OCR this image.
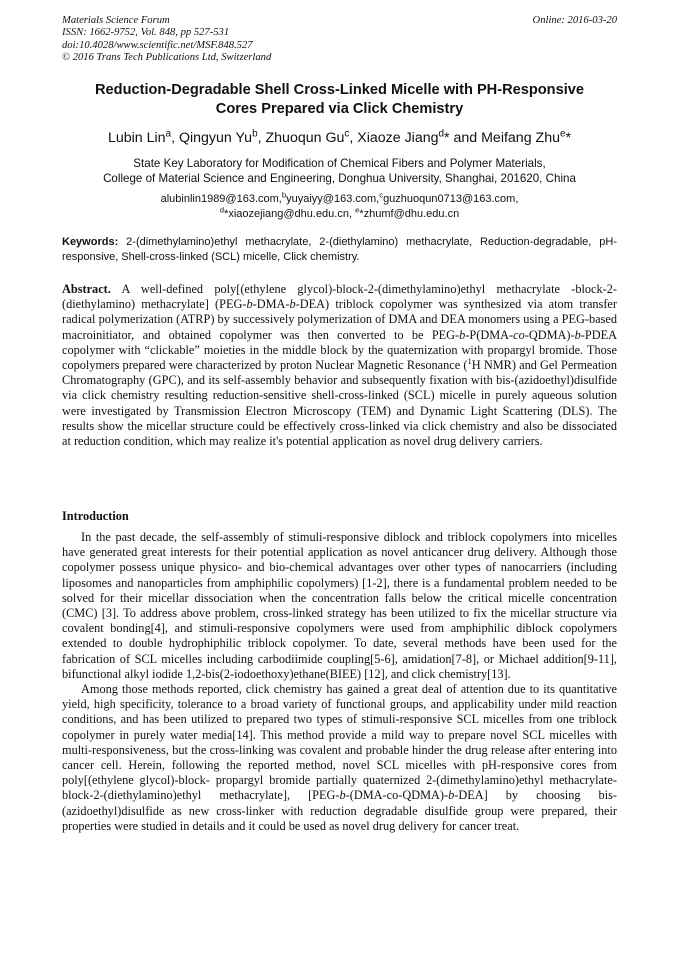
Materials Science Forum
ISSN: 1662-9752, Vol. 848, pp 527-531
doi:10.4028/www.scientific.net/MSF.848.527
© 2016 Trans Tech Publications Ltd, Switzerland
Online: 2016-03-20
Reduction-Degradable Shell Cross-Linked Micelle with PH-Responsive
Cores Prepared via Click Chemistry
Lubin Lin$^a$, Qingyun Yu$^b$, Zhuoqun Gu$^c$, Xiaoze Jiang$^d$* and Meifang Zhu$^e$*
State Key Laboratory for Modification of Chemical Fibers and Polymer Materials,
College of Material Science and Engineering, Donghua University, Shanghai, 201620, China
alubinlin1989@163.com,$^b$yuyaiyy@163.com,$^c$guzhuoqun0713@163.com,
$^d$*xiaozejiang@dhu.edu.cn, $^e$*zhumf@dhu.edu.cn
Keywords: 2-(dimethylamino)ethyl methacrylate, 2-(diethylamino) methacrylate, Reduction-degradable, pH-responsive, Shell-cross-linked (SCL) micelle, Click chemistry.
Abstract. A well-defined poly[(ethylene glycol)-block-2-(dimethylamino)ethyl methacrylate -block-2-(diethylamino) methacrylate] (PEG-b-DMA-b-DEA) triblock copolymer was synthesized via atom transfer radical polymerization (ATRP) by successively polymerization of DMA and DEA monomers using a PEG-based macroinitiator, and obtained copolymer was then converted to be PEG-b-P(DMA-co-QDMA)-b-PDEA copolymer with “clickable” moieties in the middle block by the quaternization with propargyl bromide. Those copolymers prepared were characterized by proton Nuclear Magnetic Resonance ($^1$H NMR) and Gel Permeation Chromatography (GPC), and its self-assembly behavior and subsequently fixation with bis-(azidoethyl)disulfide via click chemistry resulting reduction-sensitive shell-cross-linked (SCL) micelle in purely aqueous solution were investigated by Transmission Electron Microscopy (TEM) and Dynamic Light Scattering (DLS). The results show the micellar structure could be effectively cross-linked via click chemistry and also be dissociated at reduction condition, which may realize it's potential application as novel drug delivery carriers.
Introduction

In the past decade, the self-assembly of stimuli-responsive diblock and triblock copolymers into micelles have generated great interests for their potential application as novel anticancer drug delivery. Although those copolymer possess unique physico- and bio-chemical advantages over other types of nanocarriers (including liposomes and nanoparticles from amphiphilic copolymers) [1-2], there is a fundamental problem needed to be solved for their micellar dissociation when the concentration falls below the critical micelle concentration (CMC) [3]. To address above problem, cross-linked strategy has been utilized to fix the micellar structure via covalent bonding[4], and stimuli-responsive copolymers were used from amphiphilic diblock copolymers extended to double hydrophiphilic triblock copolymer. To date, several methods have been used for the fabrication of SCL micelles including carbodiimide coupling[5-6], amidation[7-8], or Michael addition[9-11], bifunctional alkyl iodide 1,2-bis(2-iodoethoxy)ethane(BIEE) [12], and click chemistry[13].

Among those methods reported, click chemistry has gained a great deal of attention due to its quantitative yield, high specificity, tolerance to a broad variety of functional groups, and applicability under mild reaction conditions, and has been utilized to prepared two types of stimuli-responsive SCL micelles from one triblock copolymer in purely water media[14]. This method provide a mild way to prepare novel SCL micelles with multi-responsiveness, but the cross-linking was covalent and probable hinder the drug release after entering into cancer cell. Herein, following the reported method, novel SCL micelles with pH-responsive cores from poly[(ethylene glycol)-block- propargyl bromide partially quaternized 2-(dimethylamino)ethyl methacrylate- block-2-(diethylamino)ethyl methacrylate], [PEG-b-(DMA-co-QDMA)-b-DEA] by choosing bis-(azidoethyl)disulfide as new cross-linker with reduction degradable disulfide group were prepared, their properties were studied in details and it could be used as novel drug delivery for cancer treat.
